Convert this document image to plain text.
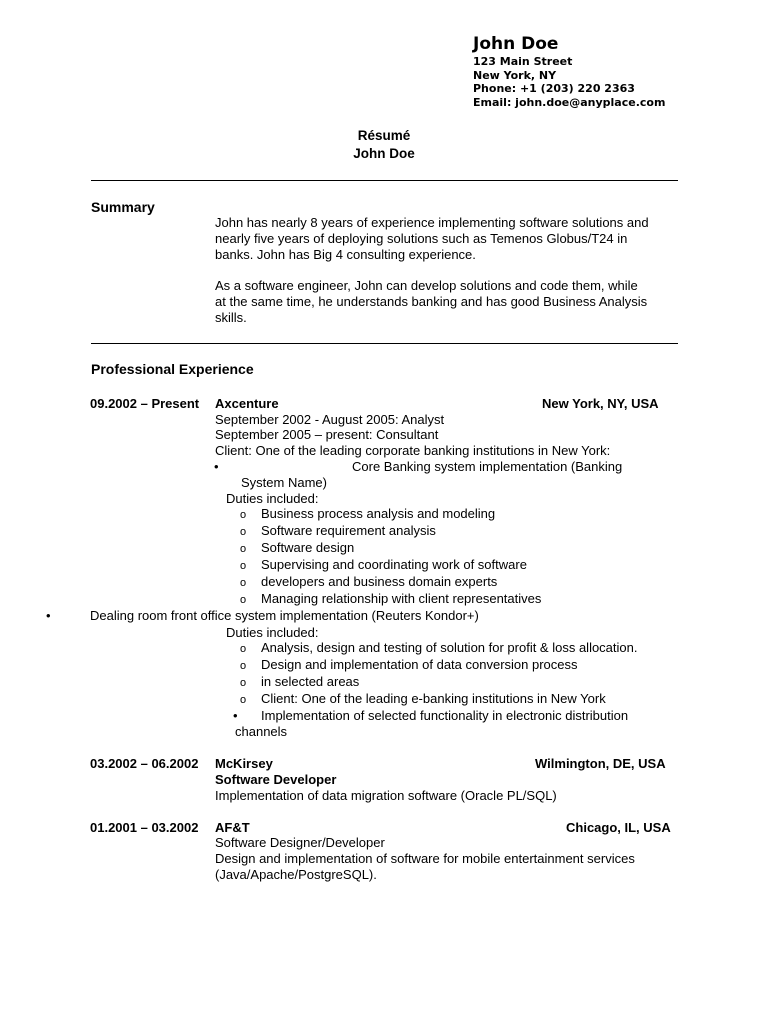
John Doe
123 Main Street
New York, NY
Phone: +1 (203) 220 2363
Email: john.doe@anyplace.com
Résumé
John Doe
Summary
John has nearly 8 years of experience implementing software solutions and
nearly five years of deploying solutions such as Temenos Globus/T24 in
banks. John has Big 4 consulting experience.
As a software engineer, John can develop solutions and code them, while
at the same time, he understands banking and has good Business Analysis
skills.
Professional Experience
09.2002 – Present Axcenture	New York, NY, USA
September 2002 - August 2005: Analyst
September 2005 – present: Consultant
Client: One of the leading corporate banking institutions in New York:
•	Core Banking system implementation (Banking
System Name)
Duties included:
o Business process analysis and modeling
o Software requirement analysis
o Software design
o Supervising and coordinating work of software
o developers and business domain experts
o Managing relationship with client representatives
•	Dealing room front office system implementation (Reuters Kondor+)
Duties included:
o Analysis, design and testing of solution for profit & loss allocation.
o Design and implementation of data conversion process
o in selected areas
o Client: One of the leading e-banking institutions in New York
• Implementation of selected functionality in electronic distribution
channels
03.2002 – 06.2002 McKirsey	Wilmington, DE, USA
Software Developer
Implementation of data migration software (Oracle PL/SQL)
01.2001 – 03.2002 AF&T	Chicago, IL, USA
Software Designer/Developer
Design and implementation of software for mobile entertainment services
(Java/Apache/PostgreSQL).
